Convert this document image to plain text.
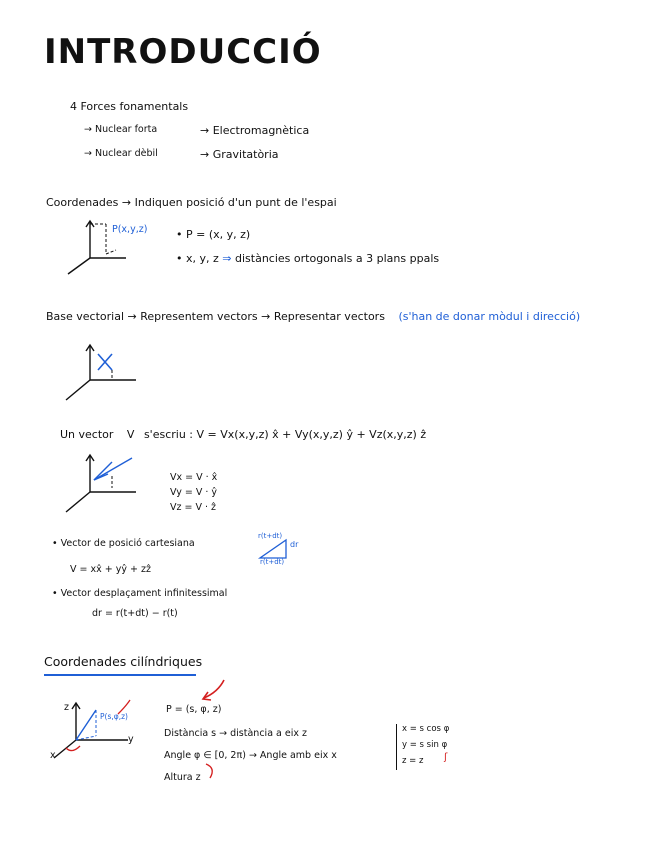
INTRODUCCIÓ
4 Forces fonamentals
→ Nuclear forta	→ Electromagnètica
→ Nuclear dèbil	→ Gravitatòria
Coordenades → Indiquen posició d'un punt de l'espai
P(x,y,z)	• P = (x, y, z)
• x, y, z ⇒ distàncies ortogonals a 3 plans ppals
Base vectorial → Representem vectors → Representar vectors (s'han de donar mòdul i direcció)
Un vector V s'escriu : V = Vx(x,y,z) x̂ + Vy(x,y,z) ŷ + Vz(x,y,z) ẑ
Vx = V · x̂
Vy = V · ŷ
Vz = V · ẑ
• Vector de posició cartesiana
V = xx̂ + yŷ + zẑ
r(t+dt)
dr
r(t+dt)
• Vector desplaçament infinitessimal
dr = r(t+dt) − r(t)
Coordenades cilíndriques
z
x
y
P(s,φ,z)
P = (s, φ, z)
Distància s → distància a eix z
Angle φ ∈ [0, 2π) → Angle amb eix x
Altura z
x = s cos φ
y = s sin φ
z = z ʃ
